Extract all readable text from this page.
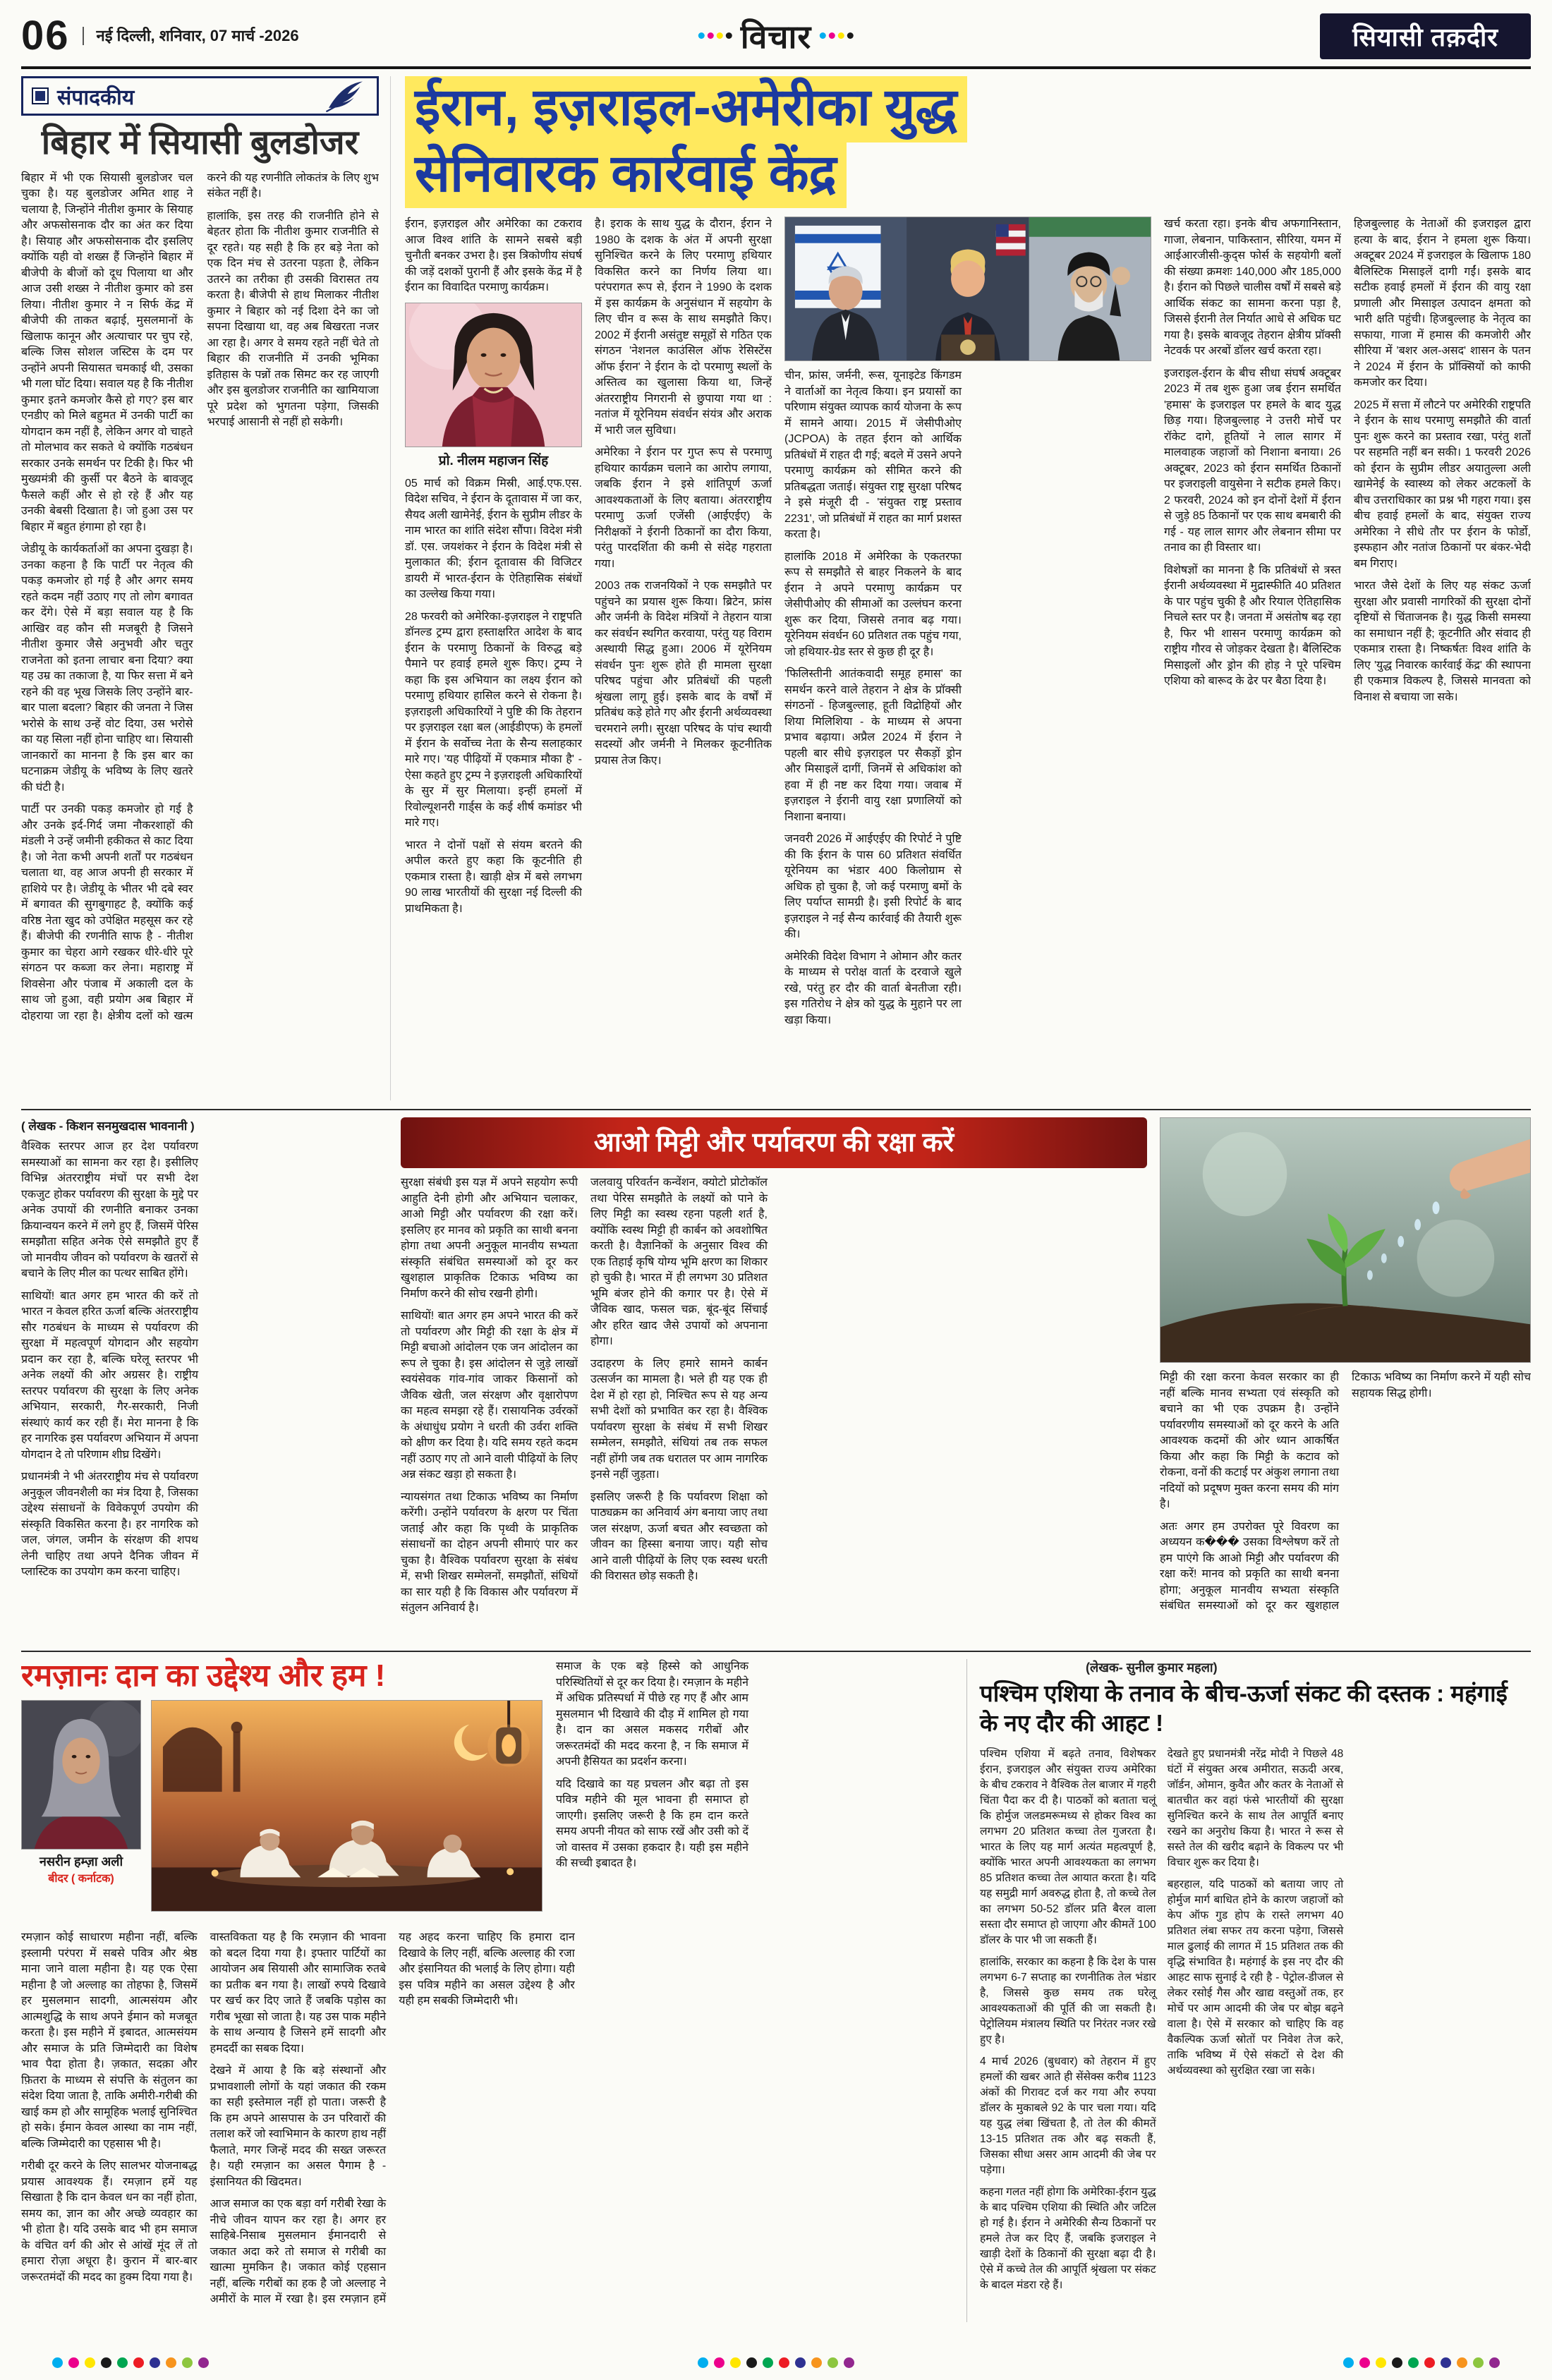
06	नई दिल्ली, शनिवार, 07 मार्च -2026	विचार	सियासी तक़दीर
संपादकीय
बिहार में सियासी बुलडोजर

बिहार में भी एक सियासी बुलडोजर चल चुका है। यह बुलडोजर अमित शाह ने चलाया है, जिन्होंने नीतीश कुमार के सियाह और अफसोसनाक दौर का अंत कर दिया है। सियाह और अफसोसनाक दौर इसलिए क्योंकि यही वो शख्स हैं जिन्होंने बिहार में बीजेपी के बीजों को दूध पिलाया था और आज उसी शख्स ने नीतीश कुमार को डस लिया। नीतीश कुमार ने न सिर्फ केंद्र में बीजेपी की ताकत बढ़ाई, मुसलमानों के खिलाफ कानून और अत्याचार पर चुप रहे, बल्कि जिस सोशल जस्टिस के दम पर उन्होंने अपनी सियासत चमकाई थी, उसका भी गला घोंट दिया। सवाल यह है कि नीतीश कुमार इतने कमजोर कैसे हो गए? इस बार एनडीए को मिले बहुमत में उनकी पार्टी का योगदान कम नहीं है, लेकिन अगर वो चाहते तो मोलभाव कर सकते थे क्योंकि गठबंधन सरकार उनके समर्थन पर टिकी है। फिर भी मुख्यमंत्री की कुर्सी पर बैठने के बावजूद फैसले कहीं और से हो रहे हैं और यह उनकी बेबसी दिखाता है। जो हुआ उस पर बिहार में बहुत हंगामा हो रहा है।

जेडीयू के कार्यकर्ताओं का अपना दुखड़ा है। उनका कहना है कि पार्टी पर नेतृत्व की पकड़ कमजोर हो गई है और अगर समय रहते कदम नहीं उठाए गए तो लोग बगावत कर देंगे। ऐसे में बड़ा सवाल यह है कि आखिर वह कौन सी मजबूरी है जिसने नीतीश कुमार जैसे अनुभवी और चतुर राजनेता को इतना लाचार बना दिया? क्या यह उम्र का तकाजा है, या फिर सत्ता में बने रहने की वह भूख जिसके लिए उन्होंने बार-बार पाला बदला? बिहार की जनता ने जिस भरोसे के साथ उन्हें वोट दिया, उस भरोसे का यह सिला नहीं होना चाहिए था। सियासी जानकारों का मानना है कि इस बार का घटनाक्रम जेडीयू के भविष्य के लिए खतरे की घंटी है।

पार्टी पर उनकी पकड़ कमजोर हो गई है और उनके इर्द-गिर्द जमा नौकरशाहों की मंडली ने उन्हें जमीनी हकीकत से काट दिया है। जो नेता कभी अपनी शर्तों पर गठबंधन चलाता था, वह आज अपनी ही सरकार में हाशिये पर है। जेडीयू के भीतर भी दबे स्वर में बगावत की सुगबुगाहट है, क्योंकि कई वरिष्ठ नेता खुद को उपेक्षित महसूस कर रहे हैं। बीजेपी की रणनीति साफ है - नीतीश कुमार का चेहरा आगे रखकर धीरे-धीरे पूरे संगठन पर कब्जा कर लेना। महाराष्ट्र में शिवसेना और पंजाब में अकाली दल के साथ जो हुआ, वही प्रयोग अब बिहार में दोहराया जा रहा है। क्षेत्रीय दलों को खत्म करने की यह रणनीति लोकतंत्र के लिए शुभ संकेत नहीं है।

हालांकि, इस तरह की राजनीति होने से बेहतर होता कि नीतीश कुमार राजनीति से दूर रहते। यह सही है कि हर बड़े नेता को एक दिन मंच से उतरना पड़ता है, लेकिन उतरने का तरीका ही उसकी विरासत तय करता है। बीजेपी से हाथ मिलाकर नीतीश कुमार ने बिहार को नई दिशा देने का जो सपना दिखाया था, वह अब बिखरता नजर आ रहा है। अगर वे समय रहते नहीं चेते तो बिहार की राजनीति में उनकी भूमिका इतिहास के पन्नों तक सिमट कर रह जाएगी और इस बुलडोजर राजनीति का खामियाजा पूरे प्रदेश को भुगतना पड़ेगा, जिसकी भरपाई आसानी से नहीं हो सकेगी।

ईरान, इज़राइल-अमेरीका युद्ध
सेनिवारक कार्रवाई केंद्र

ईरान, इज़राइल और अमेरिका का टकराव आज विश्व शांति के सामने सबसे बड़ी चुनौती बनकर उभरा है। इस त्रिकोणीय संघर्ष की जड़ें दशकों पुरानी हैं और इसके केंद्र में है ईरान का विवादित परमाणु कार्यक्रम।

प्रो. नीलम महाजन सिंह

05 मार्च को विक्रम मिस्री, आई.एफ.एस. विदेश सचिव, ने ईरान के दूतावास में जा कर, सैयद अली खामेनेई, ईरान के सुप्रीम लीडर के नाम भारत का शांति संदेश सौंपा। विदेश मंत्री डॉ. एस. जयशंकर ने ईरान के विदेश मंत्री से मुलाकात की; ईरान दूतावास की विजिटर डायरी में भारत-ईरान के ऐतिहासिक संबंधों का उल्लेख किया गया।

28 फरवरी को अमेरिका-इज़राइल ने राष्ट्रपति डॉनल्ड ट्रम्प द्वारा हस्ताक्षरित आदेश के बाद ईरान के परमाणु ठिकानों के विरुद्ध बड़े पैमाने पर हवाई हमले शुरू किए। ट्रम्प ने कहा कि इस अभियान का लक्ष्य ईरान को परमाणु हथियार हासिल करने से रोकना है। इज़राइली अधिकारियों ने पुष्टि की कि तेहरान पर इज़राइल रक्षा बल (आईडीएफ) के हमलों में ईरान के सर्वोच्च नेता के सैन्य सलाहकार मारे गए। 'यह पीढ़ियों में एकमात्र मौका है' - ऐसा कहते हुए ट्रम्प ने इज़राइली अधिकारियों के सुर में सुर मिलाया। इन्हीं हमलों में रिवोल्यूशनरी गार्ड्स के कई शीर्ष कमांडर भी मारे गए।

भारत ने दोनों पक्षों से संयम बरतने की अपील करते हुए कहा कि कूटनीति ही एकमात्र रास्ता है। खाड़ी क्षेत्र में बसे लगभग 90 लाख भारतीयों की सुरक्षा नई दिल्ली की प्राथमिकता है।

है। इराक के साथ युद्ध के दौरान, ईरान ने 1980 के दशक के अंत में अपनी सुरक्षा सुनिश्चित करने के लिए परमाणु हथियार विकसित करने का निर्णय लिया था। परंपरागत रूप से, ईरान ने 1990 के दशक में इस कार्यक्रम के अनुसंधान में सहयोग के लिए चीन व रूस के साथ समझौते किए। 2002 में ईरानी असंतुष्ट समूहों से गठित एक संगठन 'नेशनल काउंसिल ऑफ रेसिस्टेंस ऑफ ईरान' ने ईरान के दो परमाणु स्थलों के अस्तित्व का खुलासा किया था, जिन्हें अंतरराष्ट्रीय निगरानी से छुपाया गया था : नतांज में यूरेनियम संवर्धन संयंत्र और अराक में भारी जल सुविधा।

अमेरिका ने ईरान पर गुप्त रूप से परमाणु हथियार कार्यक्रम चलाने का आरोप लगाया, जबकि ईरान ने इसे शांतिपूर्ण ऊर्जा आवश्यकताओं के लिए बताया। अंतरराष्ट्रीय परमाणु ऊर्जा एजेंसी (आईएईए) के निरीक्षकों ने ईरानी ठिकानों का दौरा किया, परंतु पारदर्शिता की कमी से संदेह गहराता गया।

2003 तक राजनयिकों ने एक समझौते पर पहुंचने का प्रयास शुरू किया। ब्रिटेन, फ्रांस और जर्मनी के विदेश मंत्रियों ने तेहरान यात्रा कर संवर्धन स्थगित करवाया, परंतु यह विराम अस्थायी सिद्ध हुआ। 2006 में यूरेनियम संवर्धन पुनः शुरू होते ही मामला सुरक्षा परिषद पहुंचा और प्रतिबंधों की पहली श्रृंखला लागू हुई। इसके बाद के वर्षों में प्रतिबंध कड़े होते गए और ईरानी अर्थव्यवस्था चरमराने लगी। सुरक्षा परिषद के पांच स्थायी सदस्यों और जर्मनी ने मिलकर कूटनीतिक प्रयास तेज किए।

चीन, फ्रांस, जर्मनी, रूस, यूनाइटेड किंगडम ने वार्ताओं का नेतृत्व किया। इन प्रयासों का परिणाम संयुक्त व्यापक कार्य योजना के रूप में सामने आया। 2015 में जेसीपीओए (JCPOA) के तहत ईरान को आर्थिक प्रतिबंधों में राहत दी गई; बदले में उसने अपने परमाणु कार्यक्रम को सीमित करने की प्रतिबद्धता जताई। संयुक्त राष्ट्र सुरक्षा परिषद ने इसे मंजूरी दी - 'संयुक्त राष्ट्र प्रस्ताव 2231', जो प्रतिबंधों में राहत का मार्ग प्रशस्त करता है।

हालांकि 2018 में अमेरिका के एकतरफा रूप से समझौते से बाहर निकलने के बाद ईरान ने अपने परमाणु कार्यक्रम पर जेसीपीओए की सीमाओं का उल्लंघन करना शुरू कर दिया, जिससे तनाव बढ़ गया। यूरेनियम संवर्धन 60 प्रतिशत तक पहुंच गया, जो हथियार-ग्रेड स्तर से कुछ ही दूर है।

'फिलिस्तीनी आतंकवादी समूह हमास' का समर्थन करने वाले तेहरान ने क्षेत्र के प्रॉक्सी संगठनों - हिजबुल्लाह, हूती विद्रोहियों और शिया मिलिशिया - के माध्यम से अपना प्रभाव बढ़ाया। अप्रैल 2024 में ईरान ने पहली बार सीधे इज़राइल पर सैकड़ों ड्रोन और मिसाइलें दागीं, जिनमें से अधिकांश को हवा में ही नष्ट कर दिया गया। जवाब में इज़राइल ने ईरानी वायु रक्षा प्रणालियों को निशाना बनाया।

जनवरी 2026 में आईएईए की रिपोर्ट ने पुष्टि की कि ईरान के पास 60 प्रतिशत संवर्धित यूरेनियम का भंडार 400 किलोग्राम से अधिक हो चुका है, जो कई परमाणु बमों के लिए पर्याप्त सामग्री है। इसी रिपोर्ट के बाद इज़राइल ने नई सैन्य कार्रवाई की तैयारी शुरू की।

अमेरिकी विदेश विभाग ने ओमान और कतर के माध्यम से परोक्ष वार्ता के दरवाजे खुले रखे, परंतु हर दौर की वार्ता बेनतीजा रही। इस गतिरोध ने क्षेत्र को युद्ध के मुहाने पर ला खड़ा किया।

खर्च करता रहा। इनके बीच अफगानिस्तान, गाजा, लेबनान, पाकिस्तान, सीरिया, यमन में आईआरजीसी-कुद्स फोर्स के सहयोगी बलों की संख्या क्रमशः 140,000 और 185,000 है। ईरान को पिछले चालीस वर्षों में सबसे बड़े आर्थिक संकट का सामना करना पड़ा है, जिससे ईरानी तेल निर्यात आधे से अधिक घट गया है। इसके बावजूद तेहरान क्षेत्रीय प्रॉक्सी नेटवर्क पर अरबों डॉलर खर्च करता रहा।

इजराइल-ईरान के बीच सीधा संघर्ष अक्टूबर 2023 में तब शुरू हुआ जब ईरान समर्थित 'हमास' के इजराइल पर हमले के बाद युद्ध छिड़ गया। हिजबुल्लाह ने उत्तरी मोर्चे पर रॉकेट दागे, हूतियों ने लाल सागर में मालवाहक जहाजों को निशाना बनाया। 26 अक्टूबर, 2023 को ईरान समर्थित ठिकानों पर इजराइली वायुसेना ने सटीक हमले किए। 2 फरवरी, 2024 को इन दोनों देशों में ईरान से जुड़े 85 ठिकानों पर एक साथ बमबारी की गई - यह लाल सागर और लेबनान सीमा पर तनाव का ही विस्तार था।

विशेषज्ञों का मानना है कि प्रतिबंधों से त्रस्त ईरानी अर्थव्यवस्था में मुद्रास्फीति 40 प्रतिशत के पार पहुंच चुकी है और रियाल ऐतिहासिक निचले स्तर पर है। जनता में असंतोष बढ़ रहा है, फिर भी शासन परमाणु कार्यक्रम को राष्ट्रीय गौरव से जोड़कर देखता है। बैलिस्टिक मिसाइलों और ड्रोन की होड़ ने पूरे पश्चिम एशिया को बारूद के ढेर पर बैठा दिया है।

हिजबुल्लाह के नेताओं की इजराइल द्वारा हत्या के बाद, ईरान ने हमला शुरू किया। अक्टूबर 2024 में इजराइल के खिलाफ 180 बैलिस्टिक मिसाइलें दागी गईं। इसके बाद सटीक हवाई हमलों में ईरान की वायु रक्षा प्रणाली और मिसाइल उत्पादन क्षमता को भारी क्षति पहुंची। हिजबुल्लाह के नेतृत्व का सफाया, गाजा में हमास की कमजोरी और सीरिया में 'बशर अल-असद' शासन के पतन ने 2024 में ईरान के प्रॉक्सियों को काफी कमजोर कर दिया।

2025 में सत्ता में लौटने पर अमेरिकी राष्ट्रपति ने ईरान के साथ परमाणु समझौते की वार्ता पुनः शुरू करने का प्रस्ताव रखा, परंतु शर्तों पर सहमति नहीं बन सकी। 1 फरवरी 2026 को ईरान के सुप्रीम लीडर अयातुल्ला अली खामेनेई के स्वास्थ्य को लेकर अटकलों के बीच उत्तराधिकार का प्रश्न भी गहरा गया। इस बीच हवाई हमलों के बाद, संयुक्त राज्य अमेरिका ने सीधे तौर पर ईरान के फोर्डो, इस्फहान और नतांज ठिकानों पर बंकर-भेदी बम गिराए।

भारत जैसे देशों के लिए यह संकट ऊर्जा सुरक्षा और प्रवासी नागरिकों की सुरक्षा दोनों दृष्टियों से चिंताजनक है। युद्ध किसी समस्या का समाधान नहीं है; कूटनीति और संवाद ही एकमात्र रास्ता है। निष्कर्षतः विश्व शांति के लिए 'युद्ध निवारक कार्रवाई केंद्र' की स्थापना ही एकमात्र विकल्प है, जिससे मानवता को विनाश से बचाया जा सके।

( लेखक - किशन सनमुखदास भावनानी )

वैश्विक स्तरपर आज हर देश पर्यावरण समस्याओं का सामना कर रहा है। इसीलिए विभिन्न अंतरराष्ट्रीय मंचों पर सभी देश एकजुट होकर पर्यावरण की सुरक्षा के मुद्दे पर अनेक उपायों की रणनीति बनाकर उनका क्रियान्वयन करने में लगे हुए हैं, जिसमें पेरिस समझौता सहित अनेक ऐसे समझौते हुए हैं जो मानवीय जीवन को पर्यावरण के खतरों से बचाने के लिए मील का पत्थर साबित होंगे।

साथियों! बात अगर हम भारत की करें तो भारत न केवल हरित ऊर्जा बल्कि अंतरराष्ट्रीय सौर गठबंधन के माध्यम से पर्यावरण की सुरक्षा में महत्वपूर्ण योगदान और सहयोग प्रदान कर रहा है, बल्कि घरेलू स्तरपर भी अनेक लक्ष्यों की ओर अग्रसर है। राष्ट्रीय स्तरपर पर्यावरण की सुरक्षा के लिए अनेक अभियान, सरकारी, गैर-सरकारी, निजी संस्थाएं कार्य कर रही हैं। मेरा मानना है कि हर नागरिक इस पर्यावरण अभियान में अपना योगदान दे तो परिणाम शीघ्र दिखेंगे।

प्रधानमंत्री ने भी अंतरराष्ट्रीय मंच से पर्यावरण अनुकूल जीवनशैली का मंत्र दिया है, जिसका उद्देश्य संसाधनों के विवेकपूर्ण उपयोग की संस्कृति विकसित करना है। हर नागरिक को जल, जंगल, जमीन के संरक्षण की शपथ लेनी चाहिए तथा अपने दैनिक जीवन में प्लास्टिक का उपयोग कम करना चाहिए।

आओ मिट्टी और पर्यावरण की रक्षा करें

सुरक्षा संबंधी इस यज्ञ में अपने सहयोग रूपी आहुति देनी होगी और अभियान चलाकर, आओ मिट्टी और पर्यावरण की रक्षा करें। इसलिए हर मानव को प्रकृति का साथी बनना होगा तथा अपनी अनुकूल मानवीय सभ्यता संस्कृति संबंधित समस्याओं को दूर कर खुशहाल प्राकृतिक टिकाऊ भविष्य का निर्माण करने की सोच रखनी होगी।

साथियों! बात अगर हम अपने भारत की करें तो पर्यावरण और मिट्टी की रक्षा के क्षेत्र में मिट्टी बचाओ आंदोलन एक जन आंदोलन का रूप ले चुका है। इस आंदोलन से जुड़े लाखों स्वयंसेवक गांव-गांव जाकर किसानों को जैविक खेती, जल संरक्षण और वृक्षारोपण का महत्व समझा रहे हैं। रासायनिक उर्वरकों के अंधाधुंध प्रयोग ने धरती की उर्वरा शक्ति को क्षीण कर दिया है। यदि समय रहते कदम नहीं उठाए गए तो आने वाली पीढ़ियों के लिए अन्न संकट खड़ा हो सकता है।

न्यायसंगत तथा टिकाऊ भविष्य का निर्माण करेंगी। उन्होंने पर्यावरण के क्षरण पर चिंता जताई और कहा कि पृथ्वी के प्राकृतिक संसाधनों का दोहन अपनी सीमाएं पार कर चुका है। वैश्विक पर्यावरण सुरक्षा के संबंध में, सभी शिखर सम्मेलनों, समझौतों, संधियों का सार यही है कि विकास और पर्यावरण में संतुलन अनिवार्य है।

जलवायु परिवर्तन कन्वेंशन, क्योटो प्रोटोकॉल तथा पेरिस समझौते के लक्ष्यों को पाने के लिए मिट्टी का स्वस्थ रहना पहली शर्त है, क्योंकि स्वस्थ मिट्टी ही कार्बन को अवशोषित करती है। वैज्ञानिकों के अनुसार विश्व की एक तिहाई कृषि योग्य भूमि क्षरण का शिकार हो चुकी है। भारत में ही लगभग 30 प्रतिशत भूमि बंजर होने की कगार पर है। ऐसे में जैविक खाद, फसल चक्र, बूंद-बूंद सिंचाई और हरित खाद जैसे उपायों को अपनाना होगा।

उदाहरण के लिए हमारे सामने कार्बन उत्सर्जन का मामला है। भले ही यह एक ही देश में हो रहा हो, निश्चित रूप से यह अन्य सभी देशों को प्रभावित कर रहा है। वैश्विक पर्यावरण सुरक्षा के संबंध में सभी शिखर सम्मेलन, समझौते, संधियां तब तक सफल नहीं होंगी जब तक धरातल पर आम नागरिक इनसे नहीं जुड़ता।

इसलिए जरूरी है कि पर्यावरण शिक्षा को पाठ्यक्रम का अनिवार्य अंग बनाया जाए तथा जल संरक्षण, ऊर्जा बचत और स्वच्छता को जीवन का हिस्सा बनाया जाए। यही सोच आने वाली पीढ़ियों के लिए एक स्वस्थ धरती की विरासत छोड़ सकती है।

मिट्टी की रक्षा करना केवल सरकार का ही नहीं बल्कि मानव सभ्यता एवं संस्कृति को बचाने का भी एक उपक्रम है। उन्होंने पर्यावरणीय समस्याओं को दूर करने के अति आवश्यक कदमों की ओर ध्यान आकर्षित किया और कहा कि मिट्टी के कटाव को रोकना, वनों की कटाई पर अंकुश लगाना तथा नदियों को प्रदूषण मुक्त करना समय की मांग है।

अतः अगर हम उपरोक्त पूरे विवरण का अध्ययन क��� उसका विश्लेषण करें तो हम पाएंगे कि आओ मिट्टी और पर्यावरण की रक्षा करें! मानव को प्रकृति का साथी बनना होगा; अनुकूल मानवीय सभ्यता संस्कृति संबंधित समस्याओं को दूर कर खुशहाल टिकाऊ भविष्य का निर्माण करने में यही सोच सहायक सिद्ध होगी।

रमज़ानः दान का उद्देश्य और हम !
नसरीन हम्ज़ा अली
बीदर ( कर्नाटक)

समाज के एक बड़े हिस्से को आधुनिक परिस्थितियों से दूर कर दिया है। रमज़ान के महीने में अधिक प्रतिस्पर्धा में पीछे रह गए हैं और आम मुसलमान भी दिखावे की दौड़ में शामिल हो गया है। दान का असल मकसद गरीबों और जरूरतमंदों की मदद करना है, न कि समाज में अपनी हैसियत का प्रदर्शन करना।

यदि दिखावे का यह प्रचलन और बढ़ा तो इस पवित्र महीने की मूल भावना ही समाप्त हो जाएगी। इसलिए जरूरी है कि हम दान करते समय अपनी नीयत को साफ रखें और उसी को दें जो वास्तव में उसका हकदार है। यही इस महीने की सच्ची इबादत है।

रमज़ान कोई साधारण महीना नहीं, बल्कि इस्लामी परंपरा में सबसे पवित्र और श्रेष्ठ माना जाने वाला महीना है। यह एक ऐसा महीना है जो अल्लाह का तोहफा है, जिसमें हर मुसलमान सादगी, आत्मसंयम और आत्मशुद्धि के साथ अपने ईमान को मजबूत करता है। इस महीने में इबादत, आत्मसंयम और समाज के प्रति जिम्मेदारी का विशेष भाव पैदा होता है। ज़कात, सदक़ा और फ़ितरा के माध्यम से संपत्ति के संतुलन का संदेश दिया जाता है, ताकि अमीरी-गरीबी की खाई कम हो और सामूहिक भलाई सुनिश्चित हो सके। ईमान केवल आस्था का नाम नहीं, बल्कि जिम्मेदारी का एहसास भी है।

गरीबी दूर करने के लिए सालभर योजनाबद्ध प्रयास आवश्यक हैं। रमज़ान हमें यह सिखाता है कि दान केवल धन का नहीं होता, समय का, ज्ञान का और अच्छे व्यवहार का भी होता है। यदि उसके बाद भी हम समाज के वंचित वर्ग की ओर से आंखें मूंद लें तो हमारा रोज़ा अधूरा है। कुरान में बार-बार जरूरतमंदों की मदद का हुक्म दिया गया है।

वास्तविकता यह है कि रमज़ान की भावना को बदल दिया गया है। इफ्तार पार्टियों का आयोजन अब सियासी और सामाजिक रुतबे का प्रतीक बन गया है। लाखों रुपये दिखावे पर खर्च कर दिए जाते हैं जबकि पड़ोस का गरीब भूखा सो जाता है। यह उस पाक महीने के साथ अन्याय है जिसने हमें सादगी और हमदर्दी का सबक दिया।

देखने में आया है कि बड़े संस्थानों और प्रभावशाली लोगों के यहां जकात की रकम का सही इस्तेमाल नहीं हो पाता। जरूरी है कि हम अपने आसपास के उन परिवारों की तलाश करें जो स्वाभिमान के कारण हाथ नहीं फैलाते, मगर जिन्हें मदद की सख्त जरूरत है। यही रमज़ान का असल पैगाम है - इंसानियत की खिदमत।

आज समाज का एक बड़ा वर्ग गरीबी रेखा के नीचे जीवन यापन कर रहा है। अगर हर साहिबे-निसाब मुसलमान ईमानदारी से जकात अदा करे तो समाज से गरीबी का खात्मा मुमकिन है। जकात कोई एहसान नहीं, बल्कि गरीबों का हक है जो अल्लाह ने अमीरों के माल में रखा है। इस रमज़ान हमें यह अहद करना चाहिए कि हमारा दान दिखावे के लिए नहीं, बल्कि अल्लाह की रजा और इंसानियत की भलाई के लिए होगा। यही इस पवित्र महीने का असल उद्देश्य है और यही हम सबकी जिम्मेदारी भी।

(लेखक- सुनील कुमार महला)

पश्चिम एशिया के तनाव के बीच-ऊर्जा संकट की दस्तक : महंगाई के नए दौर की आहट !

पश्चिम एशिया में बढ़ते तनाव, विशेषकर ईरान, इजराइल और संयुक्त राज्य अमेरिका के बीच टकराव ने वैश्विक तेल बाजार में गहरी चिंता पैदा कर दी है। पाठकों को बताता चलूं कि होर्मुज जलडमरूमध्य से होकर विश्व का लगभग 20 प्रतिशत कच्चा तेल गुजरता है। भारत के लिए यह मार्ग अत्यंत महत्वपूर्ण है, क्योंकि भारत अपनी आवश्यकता का लगभग 85 प्रतिशत कच्चा तेल आयात करता है। यदि यह समुद्री मार्ग अवरुद्ध होता है, तो कच्चे तेल का लगभग 50-52 डॉलर प्रति बैरल वाला सस्ता दौर समाप्त हो जाएगा और कीमतें 100 डॉलर के पार भी जा सकती हैं।

हालांकि, सरकार का कहना है कि देश के पास लगभग 6-7 सप्ताह का रणनीतिक तेल भंडार है, जिससे कुछ समय तक घरेलू आवश्यकताओं की पूर्ति की जा सकती है। पेट्रोलियम मंत्रालय स्थिति पर निरंतर नजर रखे हुए है।

4 मार्च 2026 (बुधवार) को तेहरान में हुए हमलों की खबर आते ही सेंसेक्स करीब 1123 अंकों की गिरावट दर्ज कर गया और रुपया डॉलर के मुकाबले 92 के पार चला गया। यदि यह युद्ध लंबा खिंचता है, तो तेल की कीमतें 13-15 प्रतिशत तक और बढ़ सकती हैं, जिसका सीधा असर आम आदमी की जेब पर पड़ेगा।

कहना गलत नहीं होगा कि अमेरिका-ईरान युद्ध के बाद पश्चिम एशिया की स्थिति और जटिल हो गई है। ईरान ने अमेरिकी सैन्य ठिकानों पर हमले तेज कर दिए हैं, जबकि इजराइल ने खाड़ी देशों के ठिकानों की सुरक्षा बढ़ा दी है। ऐसे में कच्चे तेल की आपूर्ति श्रृंखला पर संकट के बादल मंडरा रहे हैं।

देखते हुए प्रधानमंत्री नरेंद्र मोदी ने पिछले 48 घंटों में संयुक्त अरब अमीरात, सऊदी अरब, जॉर्डन, ओमान, कुवैत और कतर के नेताओं से बातचीत कर वहां फंसे भारतीयों की सुरक्षा सुनिश्चित करने के साथ तेल आपूर्ति बनाए रखने का अनुरोध किया है। भारत ने रूस से सस्ते तेल की खरीद बढ़ाने के विकल्प पर भी विचार शुरू कर दिया है।

बहरहाल, यदि पाठकों को बताया जाए तो होर्मुज मार्ग बाधित होने के कारण जहाजों को केप ऑफ गुड होप के रास्ते लगभग 40 प्रतिशत लंबा सफर तय करना पड़ेगा, जिससे माल ढुलाई की लागत में 15 प्रतिशत तक की वृद्धि संभावित है। महंगाई के इस नए दौर की आहट साफ सुनाई दे रही है - पेट्रोल-डीजल से लेकर रसोई गैस और खाद्य वस्तुओं तक, हर मोर्चे पर आम आदमी की जेब पर बोझ बढ़ने वाला है। ऐसे में सरकार को चाहिए कि वह वैकल्पिक ऊर्जा स्रोतों पर निवेश तेज करे, ताकि भविष्य में ऐसे संकटों से देश की अर्थव्यवस्था को सुरक्षित रखा जा सके।
